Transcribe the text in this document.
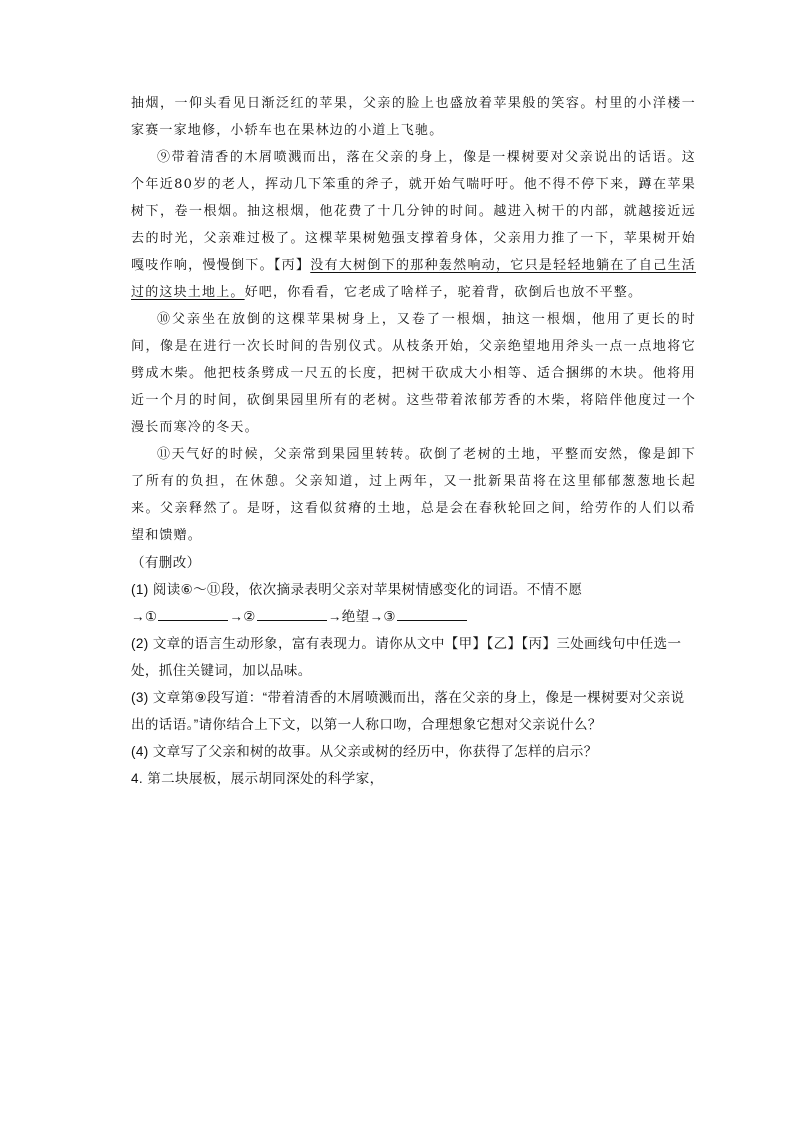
抽烟，一仰头看见日渐泛红的苹果，父亲的脸上也盛放着苹果般的笑容。村里的小洋楼一家赛一家地修，小轿车也在果林边的小道上飞驰。

⑨带着清香的木屑喷溅而出，落在父亲的身上，像是一棵树要对父亲说出的话语。这个年近80岁的老人，挥动几下笨重的斧子，就开始气喘吁吁。他不得不停下来，蹲在苹果树下，卷一根烟。抽这根烟，他花费了十几分钟的时间。越进入树干的内部，就越接近远去的时光，父亲难过极了。这棵苹果树勉强支撑着身体，父亲用力推了一下，苹果树开始嘎吱作响，慢慢倒下。【丙】没有大树倒下的那种轰然响动，它只是轻轻地躺在了自己生活过的这块土地上。好吧，你看看，它老成了啥样子，驼着背，砍倒后也放不平整。

⑩父亲坐在放倒的这棵苹果树身上，又卷了一根烟，抽这一根烟，他用了更长的时间，像是在进行一次长时间的告别仪式。从枝条开始，父亲绝望地用斧头一点一点地将它劈成木柴。他把枝条劈成一尺五的长度，把树干砍成大小相等、适合捆绑的木块。他将用近一个月的时间，砍倒果园里所有的老树。这些带着浓郁芳香的木柴，将陪伴他度过一个漫长而寒冷的冬天。

⑪天气好的时候，父亲常到果园里转转。砍倒了老树的土地，平整而安然，像是卸下了所有的负担，在休憩。父亲知道，过上两年，又一批新果苗将在这里郁郁葱葱地长起来。父亲释然了。是呀，这看似贫瘠的土地，总是会在春秋轮回之间，给劳作的人们以希望和馈赠。

（有删改）

(1) 阅读⑥～⑪段，依次摘录表明父亲对苹果树情感变化的词语。不情不愿
→①	→②	→绝望→③

(2) 文章的语言生动形象，富有表现力。请你从文中【甲】【乙】【丙】三处画线句中任选一处，抓住关键词，加以品味。

(3) 文章第⑨段写道：“带着清香的木屑喷溅而出，落在父亲的身上，像是一棵树要对父亲说出的话语。”请你结合上下文，以第一人称口吻，合理想象它想对父亲说什么？

(4) 文章写了父亲和树的故事。从父亲或树的经历中，你获得了怎样的启示？

4. 第二块展板，展示胡同深处的科学家，
